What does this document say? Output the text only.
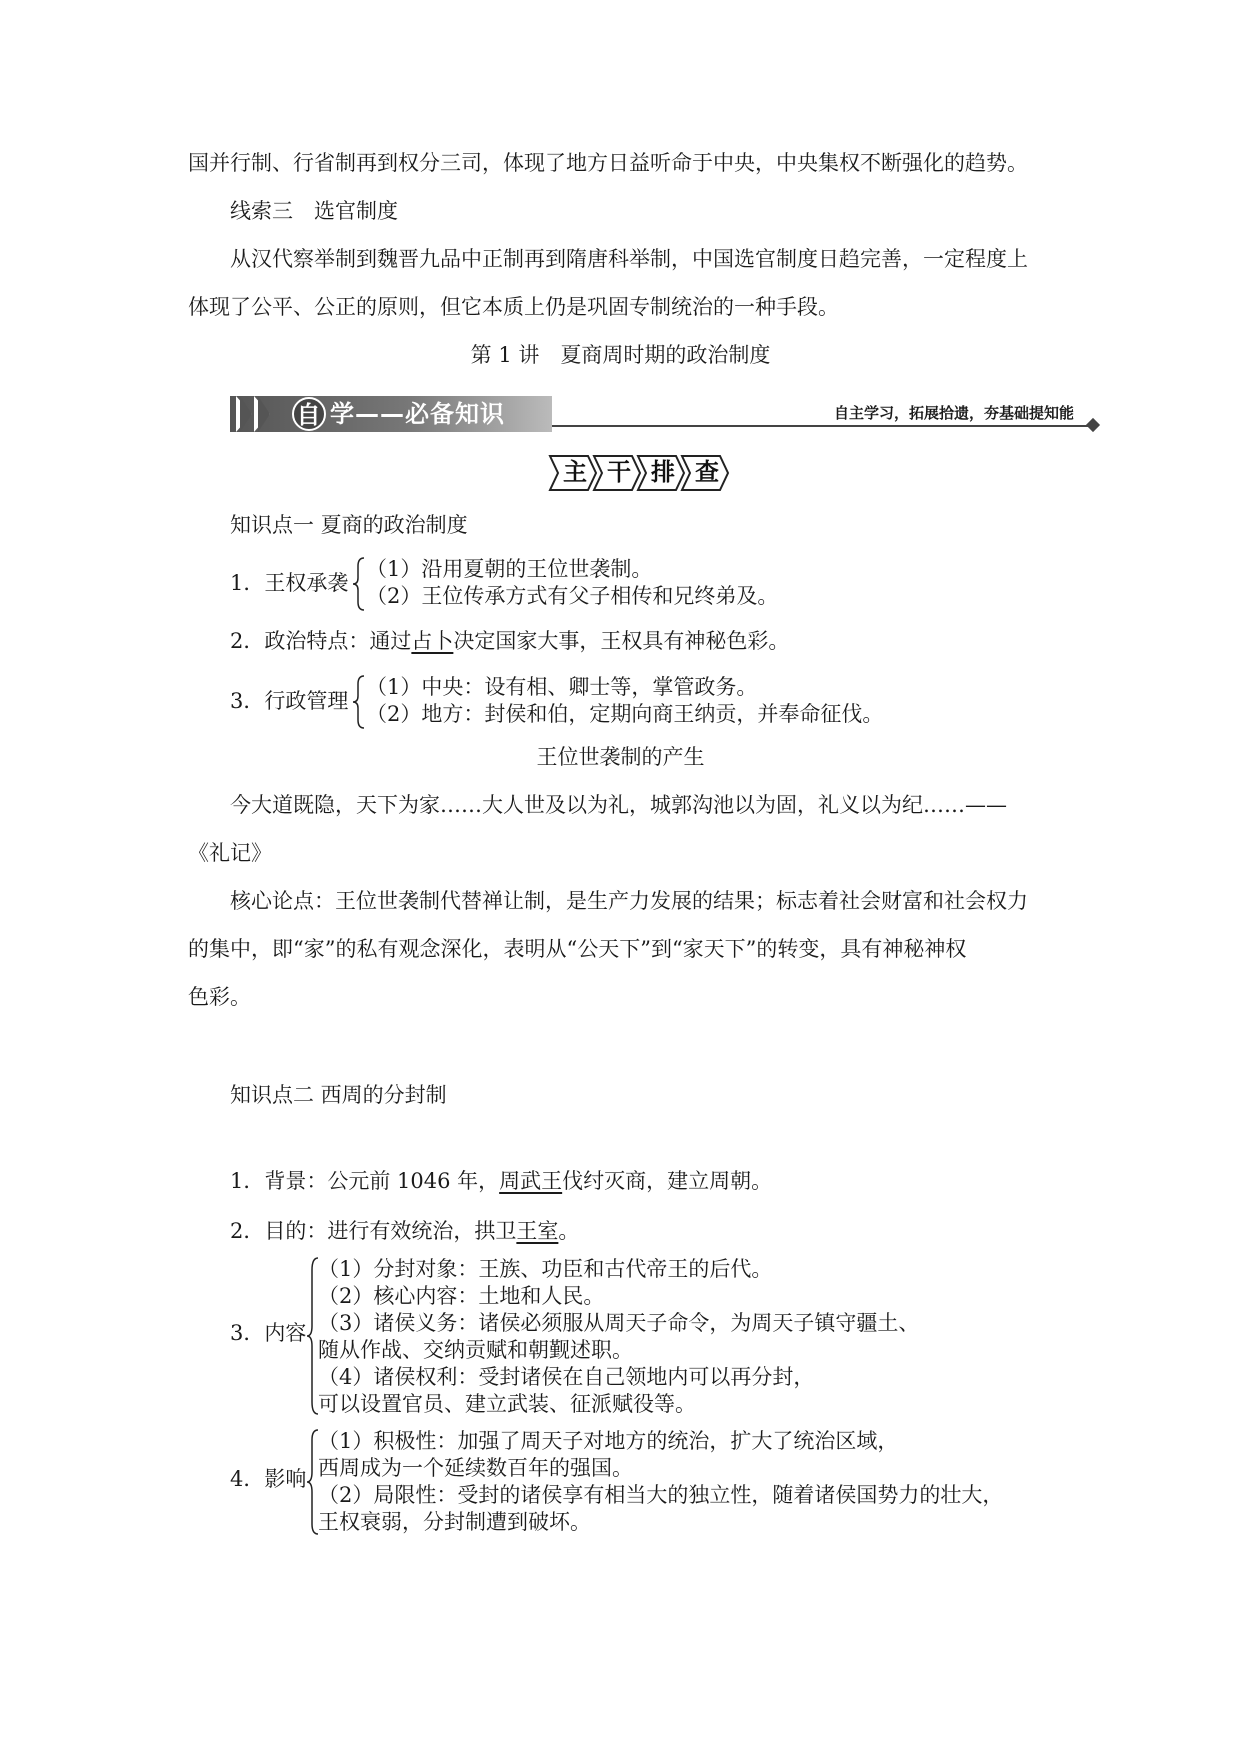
国并行制、行省制再到权分三司，体现了地方日益听命于中央，中央集权不断强化的趋势。
线索三　选官制度
从汉代察举制到魏晋九品中正制再到隋唐科举制，中国选官制度日趋完善，一定程度上
体现了公平、公正的原则，但它本质上仍是巩固专制统治的一种手段。
第 1 讲　夏商周时期的政治制度
自 学——必备知识	自主学习，拓展拾遗，夯基础提知能
主 干 排 查
知识点一 夏商的政治制度
1．王权承袭
（1）沿用夏朝的王位世袭制。
（2）王位传承方式有父子相传和兄终弟及。
2．政治特点：通过占卜决定国家大事，王权具有神秘色彩。
3．行政管理
（1）中央：设有相、卿士等，掌管政务。
（2）地方：封侯和伯，定期向商王纳贡，并奉命征伐。
王位世袭制的产生
今大道既隐，天下为家……大人世及以为礼，城郭沟池以为固，礼义以为纪……——
《礼记》
核心论点：王位世袭制代替禅让制，是生产力发展的结果；标志着社会财富和社会权力
的集中，即“家”的私有观念深化，表明从“公天下”到“家天下”的转变，具有神秘神权
色彩。
知识点二 西周的分封制
1．背景：公元前 1046 年，周武王伐纣灭商，建立周朝。
2．目的：进行有效统治，拱卫王室。
3．内容
（1）分封对象：王族、功臣和古代帝王的后代。
（2）核心内容：土地和人民。
（3）诸侯义务：诸侯必须服从周天子命令，为周天子镇守疆土、
随从作战、交纳贡赋和朝觐述职。
（4）诸侯权利：受封诸侯在自己领地内可以再分封，
可以设置官员、建立武装、征派赋役等。
4．影响
（1）积极性：加强了周天子对地方的统治，扩大了统治区域，
西周成为一个延续数百年的强国。
（2）局限性：受封的诸侯享有相当大的独立性，随着诸侯国势力的壮大，
王权衰弱，分封制遭到破坏。
